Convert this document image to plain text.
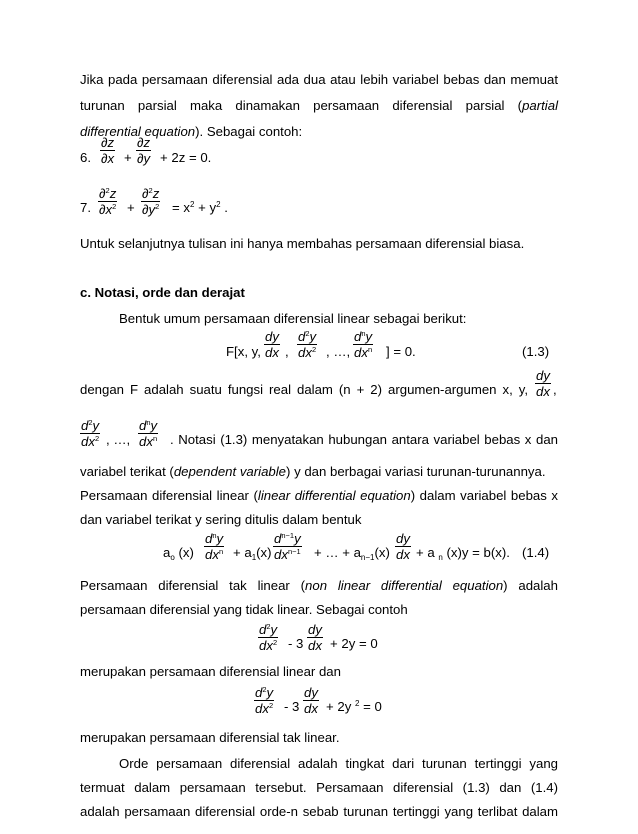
Jika pada persamaan diferensial ada dua atau lebih variabel bebas dan memuat
turunan parsial maka dinamakan persamaan diferensial parsial (partial
differential equation). Sebagai contoh:
6.
∂z
∂x +
∂z
∂y + 2z = 0.
7.
∂$^2$z
$\partial x^2$ +
∂$^2$z
$\partial y^2 = x^2 + y^2$ .
Untuk selanjutnya tulisan ini hanya membahas persamaan diferensial biasa.
c. Notasi, orde dan derajat
Bentuk umum persamaan diferensial linear sebagai berikut:
F[x, y,
dy
dx ,
$d^2y$
$dx^2$ , …,
$d^ny$
$dx^n$ ] = 0.	(1.3)
dengan F adalah suatu fungsi real dalam (n + 2) argumen-argumen x, y,
dy
dx ,
$d^2y$
$dx^2$ , …,
$d^ny$
$dx^n$ . Notasi (1.3) menyatakan hubungan antara variabel bebas x dan
variabel terikat (dependent variable) y dan berbagai variasi turunan-turunannya.
Persamaan diferensial linear (linear differential equation) dalam variabel bebas x
dan variabel terikat y sering ditulis dalam bentuk
$a_o$ (x)
$d^ny$
$dx^n + a_1(x)$
$d^{n-1}y$
$dx^{n-1}$ + … + $a_{n-1}(x)$
dy
dx + a $_n$ (x)y = b(x). (1.4)
Persamaan diferensial tak linear (non linear differential equation) adalah
persamaan diferensial yang tidak linear. Sebagai contoh
$d^2y$
$dx^2 - 3$
dy
dx + 2y = 0
merupakan persamaan diferensial linear dan
$d^2y$
$dx^2 - 3$
dy
dx + 2y $^2$ = 0
merupakan persamaan diferensial tak linear.
Orde persamaan diferensial adalah tingkat dari turunan tertinggi yang
termuat dalam persamaan tersebut. Persamaan diferensial (1.3) dan (1.4)
adalah persamaan diferensial orde-n sebab turunan tertinggi yang terlibat dalam
